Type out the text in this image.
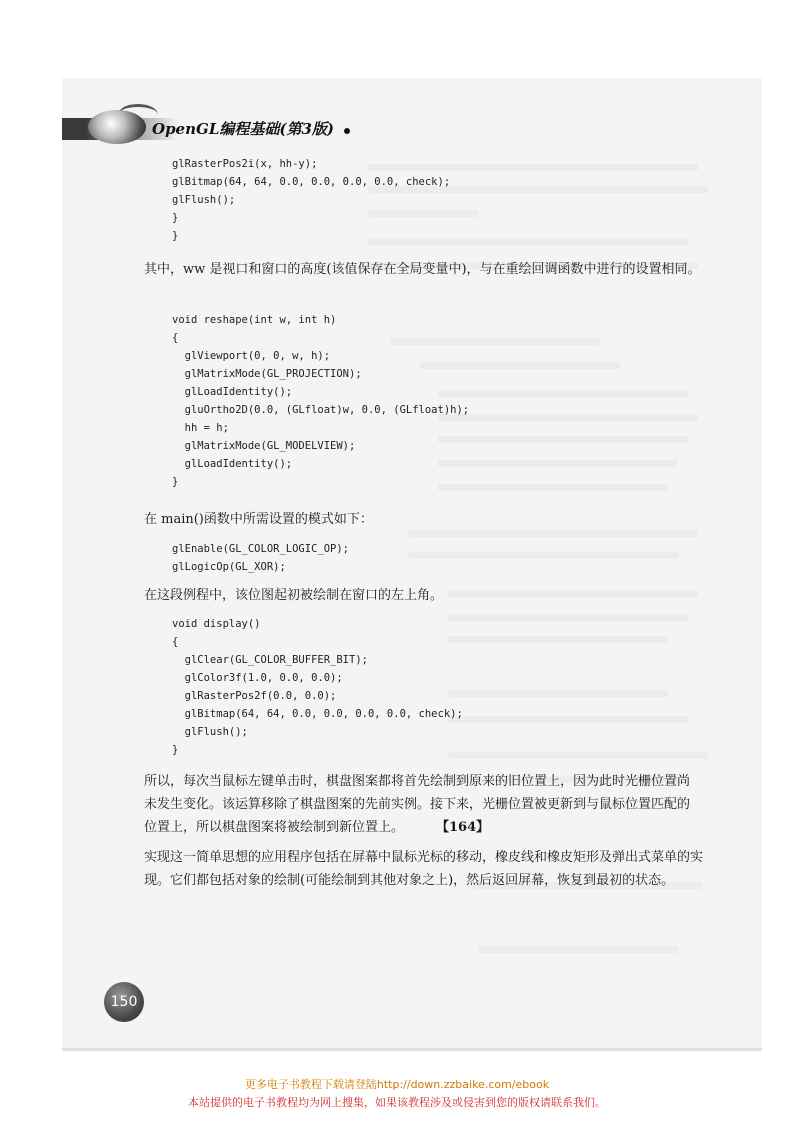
OpenGL编程基础(第3版)
glRasterPos2i(x, hh-y);
glBitmap(64, 64, 0.0, 0.0, 0.0, 0.0, check);
glFlush();
}
}

其中，ww 是视口和窗口的高度(该值保存在全局变量中)，与在重绘回调函数中进行的设置相同。

void reshape(int w, int h)
{
glViewport(0, 0, w, h);
glMatrixMode(GL_PROJECTION);
glLoadIdentity();
gluOrtho2D(0.0, (GLfloat)w, 0.0, (GLfloat)h);
hh = h;
glMatrixMode(GL_MODELVIEW);
glLoadIdentity();
}

在 main()函数中所需设置的模式如下：

glEnable(GL_COLOR_LOGIC_OP);
glLogicOp(GL_XOR);

在这段例程中，该位图起初被绘制在窗口的左上角。

void display()
{
glClear(GL_COLOR_BUFFER_BIT);
glColor3f(1.0, 0.0, 0.0);
glRasterPos2f(0.0, 0.0);
glBitmap(64, 64, 0.0, 0.0, 0.0, 0.0, check);
glFlush();
}
所以，每次当鼠标左键单击时，棋盘图案都将首先绘制到原来的旧位置上，因为此时光栅位置尚未发生变化。该运算移除了棋盘图案的先前实例。接下来，光栅位置被更新到与鼠标位置匹配的位置上，所以棋盘图案将被绘制到新位置上。 【164】

实现这一简单思想的应用程序包括在屏幕中鼠标光标的移动，橡皮线和橡皮矩形及弹出式菜单的实现。它们都包括对象的绘制(可能绘制到其他对象之上)，然后返回屏幕，恢复到最初的状态。

150
更多电子书教程下载请登陆http://down.zzbaike.com/ebook
本站提供的电子书教程均为网上搜集，如果该教程涉及或侵害到您的版权请联系我们。
